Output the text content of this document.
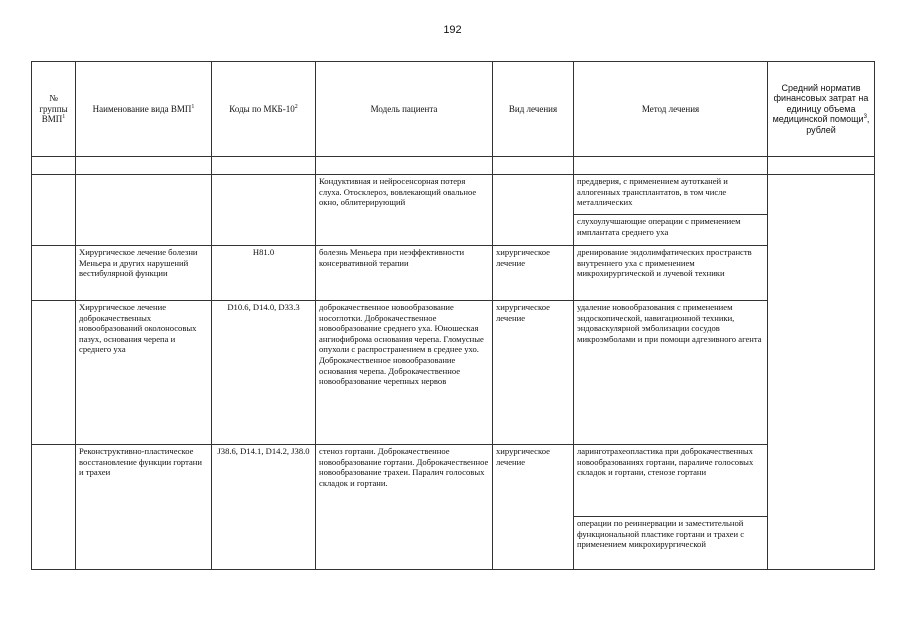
192
№ группы ВМП$^1$	Наименование вида ВМП$^1$	Коды по МКБ-$10^2$	Модель пациента	Вид лечения	Метод лечения	Средний норматив финансовых затрат на единицу объема медицинской помощи$^3$, рублей

			Кондуктивная и нейросенсорная потеря слуха. Отосклероз, вовлекающий овальное окно, облитерирующий		преддверия, с применением аутотканей и аллогенных трансплантатов, в том числе металлических	
					слухоулучшающие операции с применением имплантата среднего уха	
	Хирургическое лечение болезни Меньера и других нарушений вестибулярной функции	H81.0	болезнь Меньера при неэффективности консервативной терапии	хирургическое лечение	дренирование эндолимфатических пространств внутреннего уха с применением микрохирургической и лучевой техники	
	Хирургическое лечение доброкачественных новообразований околоносовых пазух, основания черепа и среднего уха	D10.6, D14.0, D33.3	доброкачественное новообразование носоглотки. Доброкачественное новообразование среднего уха. Юношеская ангиофиброма основания черепа. Гломусные опухоли с распространением в среднее ухо. Доброкачественное новообразование основания черепа. Доброкачественное новообразование черепных нервов	хирургическое лечение	удаление новообразования с применением эндоскопической, навигационной техники, эндоваскулярной эмболизации сосудов микроэмболами и при помощи адгезивного агента	
	Реконструктивно-пластическое восстановление функции гортани и трахеи	J38.6, D14.1, D14.2, J38.0	стеноз гортани. Доброкачественное новообразование гортани. Доброкачественное новообразование трахеи. Паралич голосовых складок и гортани.	хирургическое лечение	ларинготрахеопластика при доброкачественных новообразованиях гортани, параличе голосовых складок и гортани, стенозе гортани	
					операции по реиннервации и заместительной функциональной пластике гортани и трахеи с применением микрохирургической	
